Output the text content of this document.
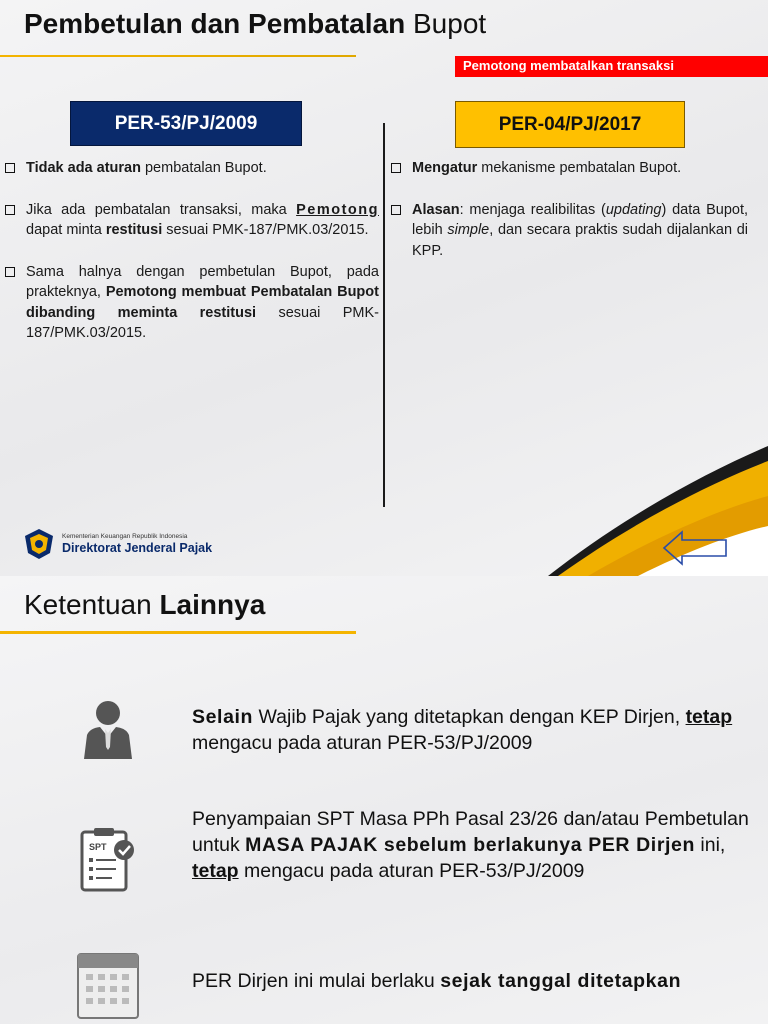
Pembetulan dan Pembatalan Bupot
Pemotong membatalkan transaksi
PER-53/PJ/2009	PER-04/PJ/2017
Tidak ada aturan pembatalan Bupot.
Jika ada pembatalan transaksi, maka Pemotong dapat minta restitusi sesuai PMK-187/PMK.03/2015.
Sama halnya dengan pembetulan Bupot, pada prakteknya, Pemotong membuat Pembatalan Bupot dibanding meminta restitusi sesuai PMK-187/PMK.03/2015.
Mengatur mekanisme pembatalan Bupot.
Alasan: menjaga realibilitas (updating) data Bupot, lebih simple, dan secara praktis sudah dijalankan di KPP.
Kementerian Keuangan Republik Indonesia
Direktorat Jenderal Pajak
Ketentuan Lainnya
Selain Wajib Pajak yang ditetapkan dengan KEP Dirjen, tetap mengacu pada aturan PER-53/PJ/2009
SPT
Penyampaian SPT Masa PPh Pasal 23/26 dan/atau Pembetulan untuk MASA PAJAK sebelum berlakunya PER Dirjen ini, tetap mengacu pada aturan PER-53/PJ/2009
PER Dirjen ini mulai berlaku sejak tanggal ditetapkan
